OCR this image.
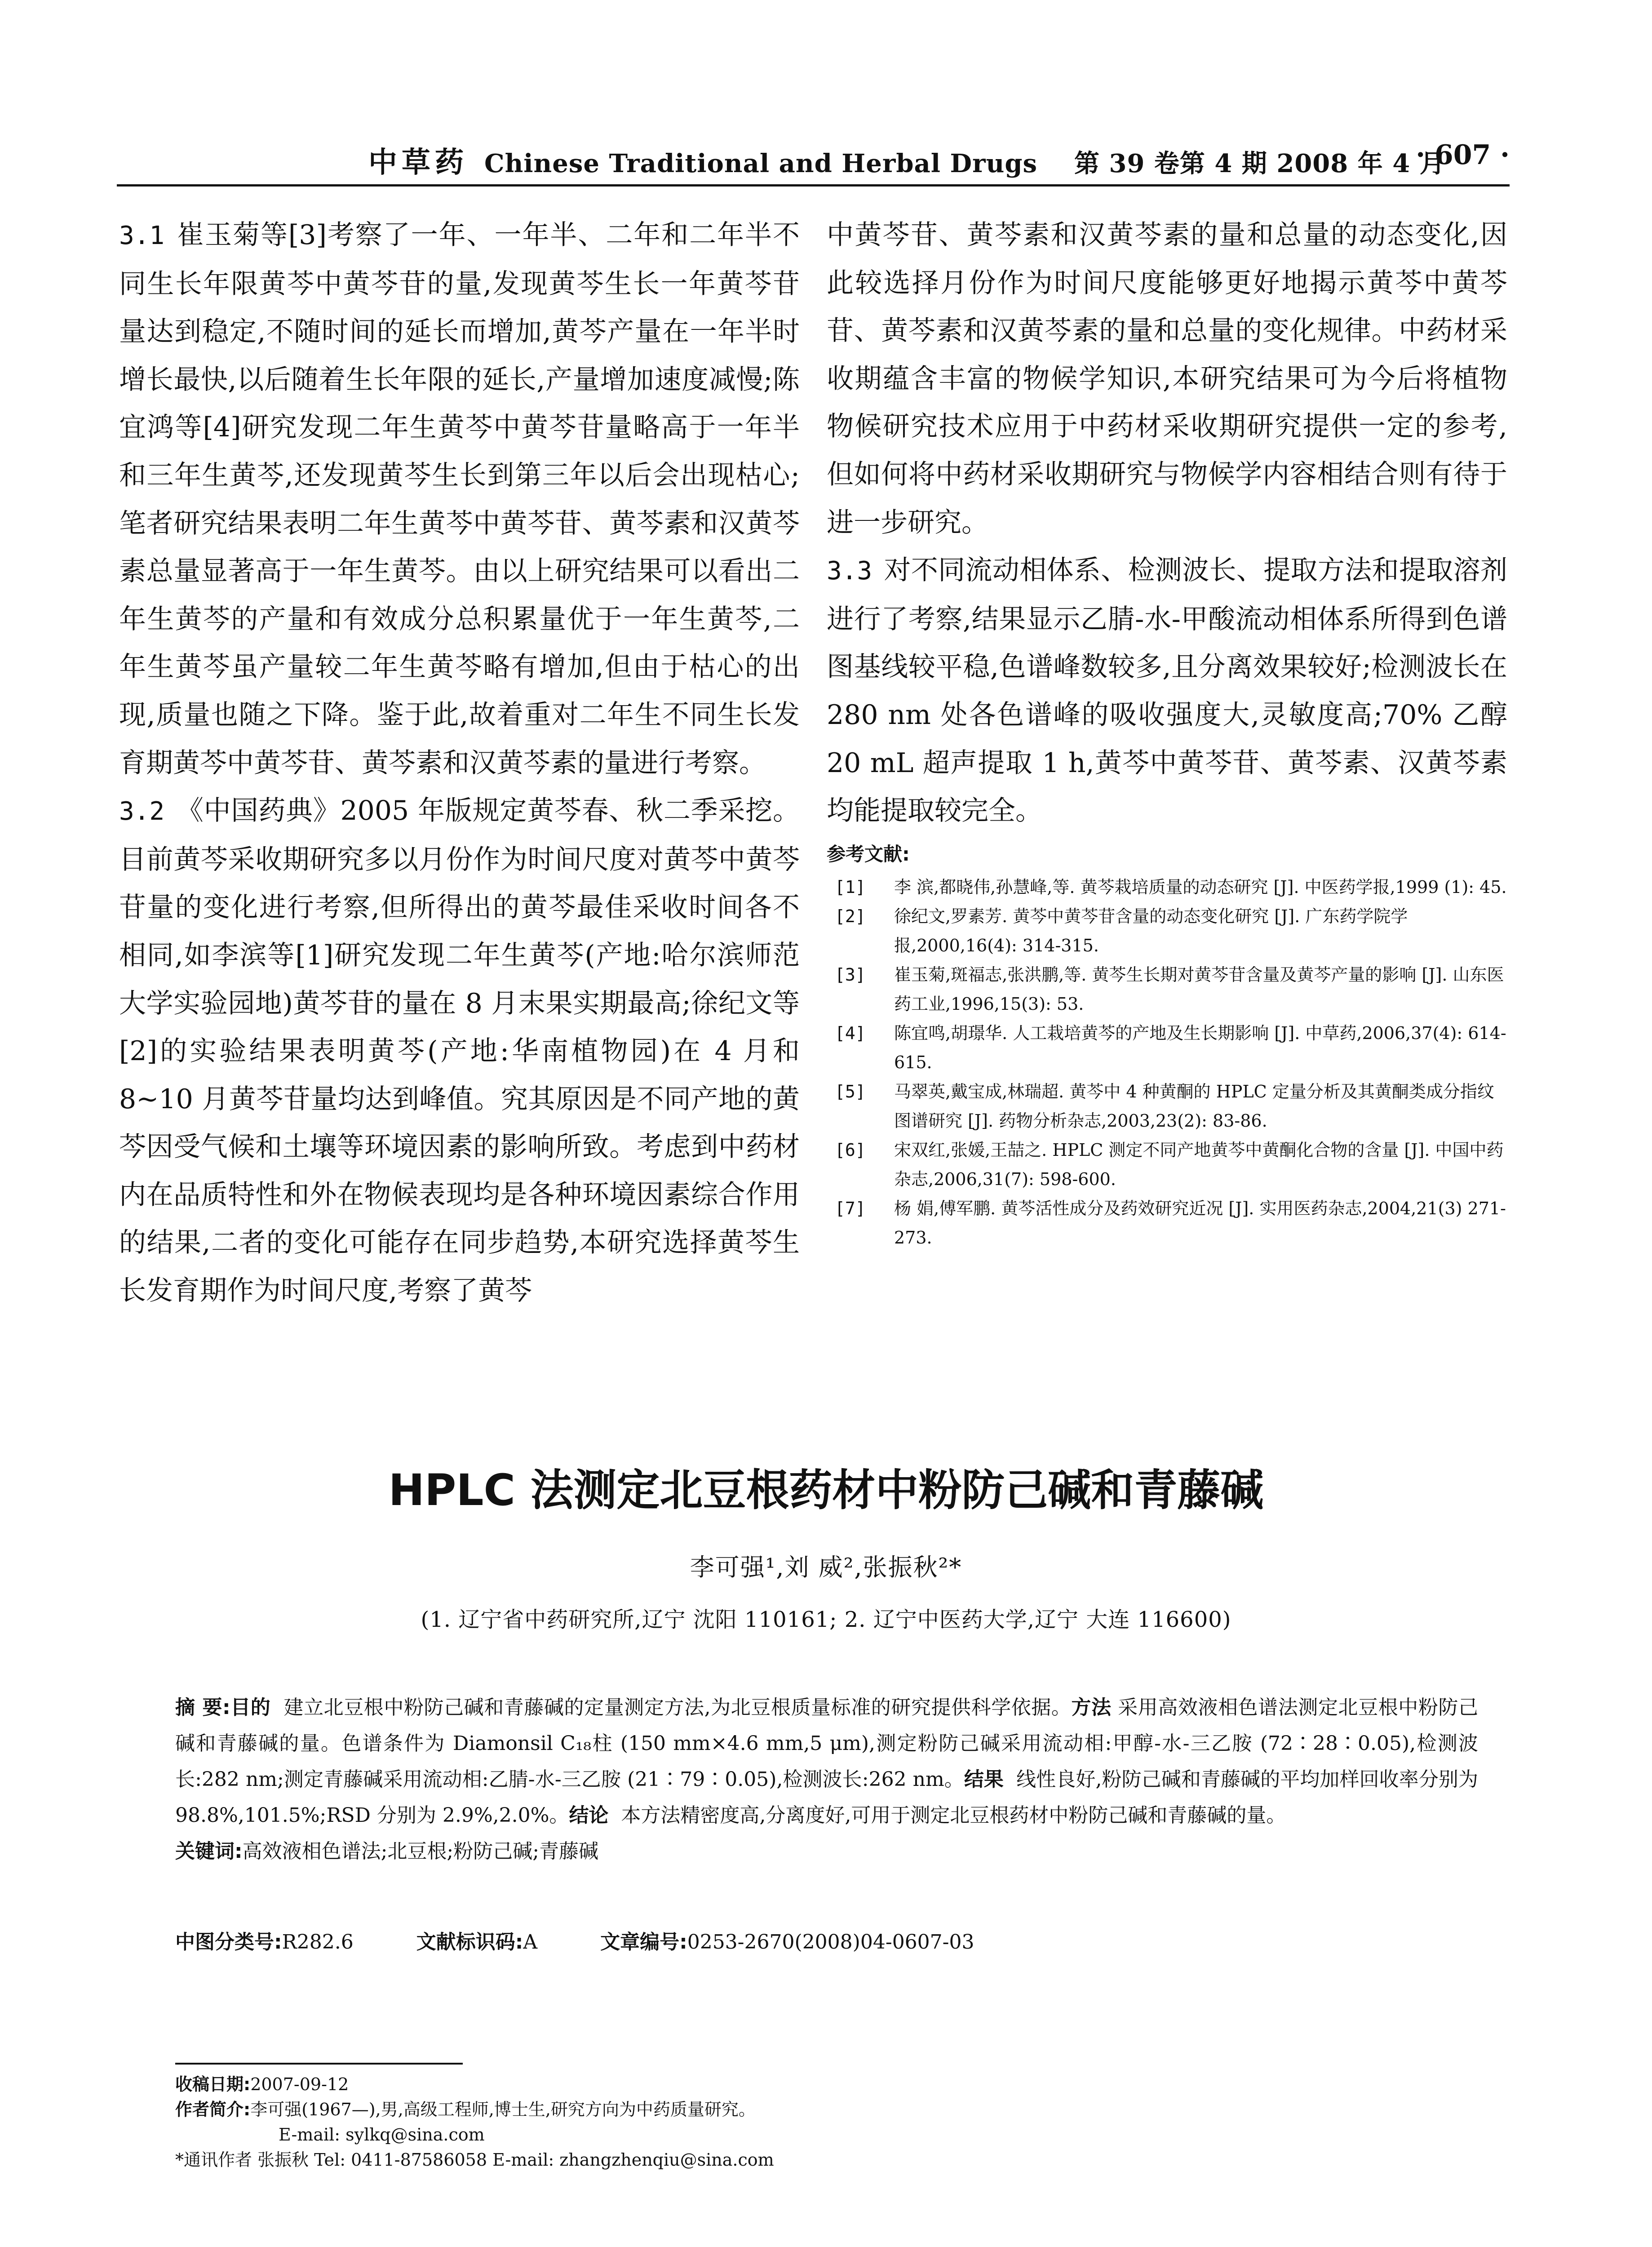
中草药 Chinese Traditional and Herbal Drugs 第 39 卷第 4 期 2008 年 4 月
· 607 ·

3.1 崔玉菊等[3]考察了一年、一年半、二年和二年半不同生长年限黄芩中黄芩苷的量,发现黄芩生长一年黄芩苷量达到稳定,不随时间的延长而增加,黄芩产量在一年半时增长最快,以后随着生长年限的延长,产量增加速度减慢;陈宜鸿等[4]研究发现二年生黄芩中黄芩苷量略高于一年半和三年生黄芩,还发现黄芩生长到第三年以后会出现枯心;笔者研究结果表明二年生黄芩中黄芩苷、黄芩素和汉黄芩素总量显著高于一年生黄芩。由以上研究结果可以看出二年生黄芩的产量和有效成分总积累量优于一年生黄芩,二年生黄芩虽产量较二年生黄芩略有增加,但由于枯心的出现,质量也随之下降。鉴于此,故着重对二年生不同生长发育期黄芩中黄芩苷、黄芩素和汉黄芩素的量进行考察。

3.2 《中国药典》2005 年版规定黄芩春、秋二季采挖。目前黄芩采收期研究多以月份作为时间尺度对黄芩中黄芩苷量的变化进行考察,但所得出的黄芩最佳采收时间各不相同,如李滨等[1]研究发现二年生黄芩(产地:哈尔滨师范大学实验园地)黄芩苷的量在 8 月末果实期最高;徐纪文等[2]的实验结果表明黄芩(产地:华南植物园)在 4 月和 8~10 月黄芩苷量均达到峰值。究其原因是不同产地的黄芩因受气候和土壤等环境因素的影响所致。考虑到中药材内在品质特性和外在物候表现均是各种环境因素综合作用的结果,二者的变化可能存在同步趋势,本研究选择黄芩生长发育期作为时间尺度,考察了黄芩

中黄芩苷、黄芩素和汉黄芩素的量和总量的动态变化,因此较选择月份作为时间尺度能够更好地揭示黄芩中黄芩苷、黄芩素和汉黄芩素的量和总量的变化规律。中药材采收期蕴含丰富的物候学知识,本研究结果可为今后将植物物候研究技术应用于中药材采收期研究提供一定的参考,但如何将中药材采收期研究与物候学内容相结合则有待于进一步研究。

3.3 对不同流动相体系、检测波长、提取方法和提取溶剂进行了考察,结果显示乙腈-水-甲酸流动相体系所得到色谱图基线较平稳,色谱峰数较多,且分离效果较好;检测波长在 280 nm 处各色谱峰的吸收强度大,灵敏度高;70% 乙醇 20 mL 超声提取 1 h,黄芩中黄芩苷、黄芩素、汉黄芩素均能提取较完全。

参考文献:
[1] 李 滨,都晓伟,孙慧峰,等. 黄芩栽培质量的动态研究 [J]. 中医药学报,1999 (1): 45.
[2] 徐纪文,罗素芳. 黄芩中黄芩苷含量的动态变化研究 [J]. 广东药学院学报,2000,16(4): 314-315.
[3] 崔玉菊,斑福志,张洪鹏,等. 黄芩生长期对黄芩苷含量及黄芩产量的影响 [J]. 山东医药工业,1996,15(3): 53.
[4] 陈宜鸣,胡璟华. 人工栽培黄芩的产地及生长期影响 [J]. 中草药,2006,37(4): 614-615.
[5] 马翠英,戴宝成,林瑞超. 黄芩中 4 种黄酮的 HPLC 定量分析及其黄酮类成分指纹图谱研究 [J]. 药物分析杂志,2003,23(2): 83-86.
[6] 宋双红,张媛,王喆之. HPLC 测定不同产地黄芩中黄酮化合物的含量 [J]. 中国中药杂志,2006,31(7): 598-600.
[7] 杨 娟,傅军鹏. 黄芩活性成分及药效研究近况 [J]. 实用医药杂志,2004,21(3) 271-273.
HPLC 法测定北豆根药材中粉防己碱和青藤碱
李可强¹,刘 威²,张振秋²*
(1. 辽宁省中药研究所,辽宁 沈阳 110161; 2. 辽宁中医药大学,辽宁 大连 116600)

摘 要:目的 建立北豆根中粉防己碱和青藤碱的定量测定方法,为北豆根质量标准的研究提供科学依据。方法 采用高效液相色谱法测定北豆根中粉防己碱和青藤碱的量。色谱条件为 Diamonsil C₁₈柱 (150 mm×4.6 mm,5 μm),测定粉防己碱采用流动相:甲醇-水-三乙胺 (72∶28∶0.05),检测波长:282 nm;测定青藤碱采用流动相:乙腈-水-三乙胺 (21∶79∶0.05),检测波长:262 nm。结果 线性良好,粉防己碱和青藤碱的平均加样回收率分别为 98.8%,101.5%;RSD 分别为 2.9%,2.0%。结论 本方法精密度高,分离度好,可用于测定北豆根药材中粉防己碱和青藤碱的量。

关键词:高效液相色谱法;北豆根;粉防己碱;青藤碱

中图分类号:R282.6	文献标识码:A	文章编号:0253-2670(2008)04-0607-03
收稿日期:2007-09-12
作者简介:李可强(1967—),男,高级工程师,博士生,研究方向为中药质量研究。
E-mail: sylkq@sina.com
*通讯作者 张振秋 Tel: 0411-87586058 E-mail: zhangzhenqiu@sina.com
